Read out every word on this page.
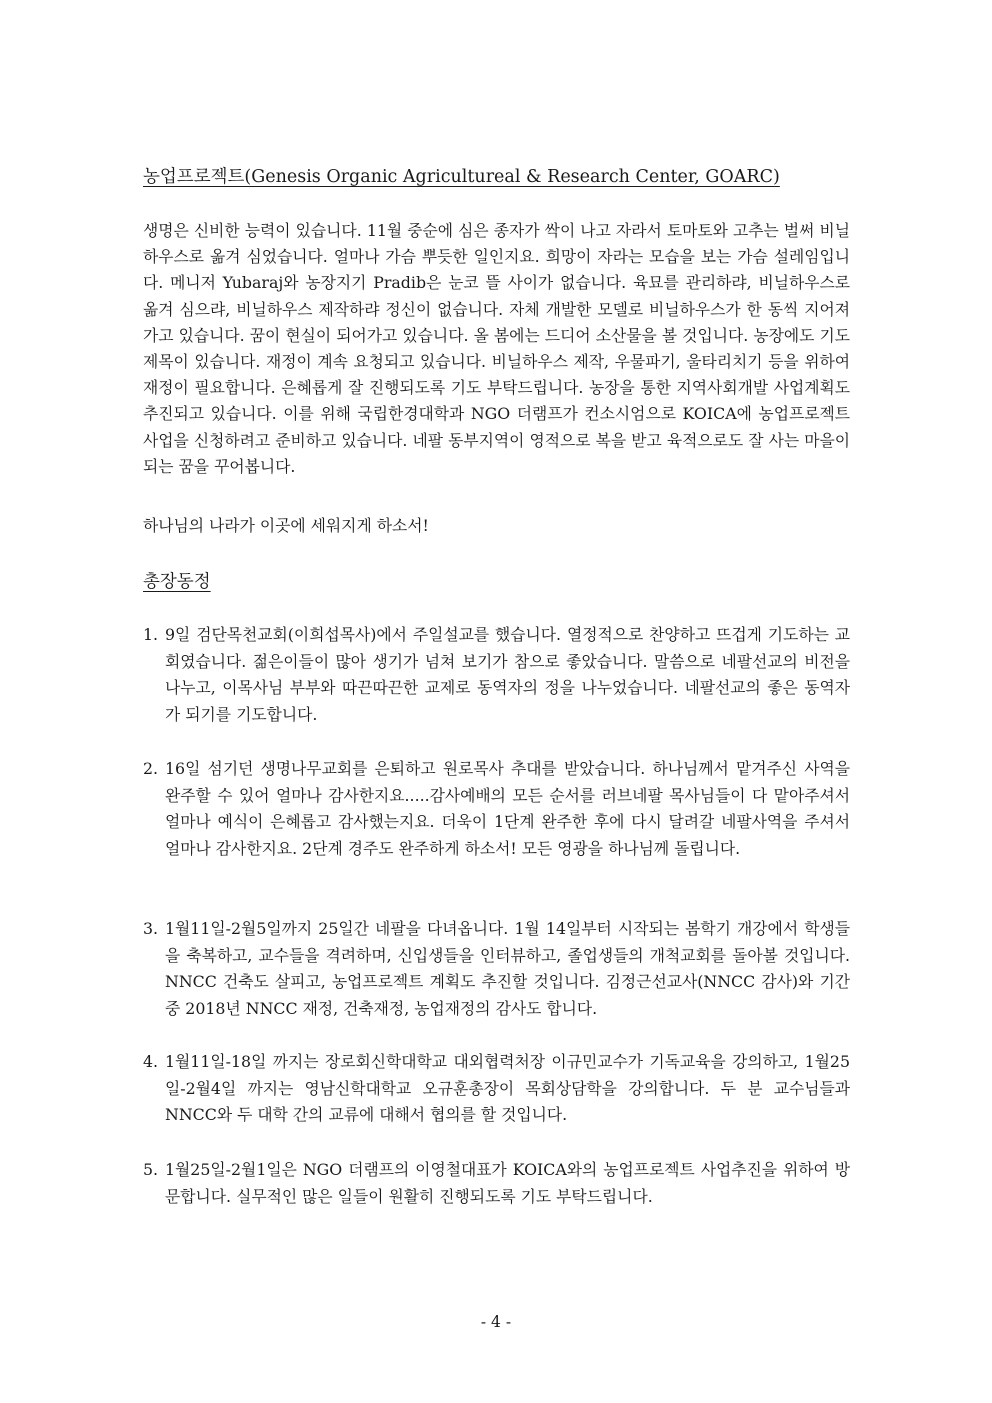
농업프로젝트(Genesis Organic Agricultureal & Research Center, GOARC)

생명은 신비한 능력이 있습니다. 11월 중순에 심은 종자가 싹이 나고 자라서 토마토와 고추는 벌써 비닐하우스로 옮겨 심었습니다. 얼마나 가슴 뿌듯한 일인지요. 희망이 자라는 모습을 보는 가슴 설레임입니다. 메니저 Yubaraj와 농장지기 Pradib은 눈코 뜰 사이가 없습니다. 육묘를 관리하랴, 비닐하우스로 옮겨 심으랴, 비닐하우스 제작하랴 정신이 없습니다. 자체 개발한 모델로 비닐하우스가 한 동씩 지어져가고 있습니다. 꿈이 현실이 되어가고 있습니다. 올 봄에는 드디어 소산물을 볼 것입니다. 농장에도 기도제목이 있습니다. 재정이 계속 요청되고 있습니다. 비닐하우스 제작, 우물파기, 울타리치기 등을 위하여 재정이 필요합니다. 은혜롭게 잘 진행되도록 기도 부탁드립니다. 농장을 통한 지역사회개발 사업계획도 추진되고 있습니다. 이를 위해 국립한경대학과 NGO 더램프가 컨소시엄으로 KOICA에 농업프로젝트 사업을 신청하려고 준비하고 있습니다. 네팔 동부지역이 영적으로 복을 받고 육적으로도 잘 사는 마을이 되는 꿈을 꾸어봅니다.

하나님의 나라가 이곳에 세워지게 하소서!

총장동정
1. 9일 검단목천교회(이희섭목사)에서 주일설교를 했습니다. 열정적으로 찬양하고 뜨겁게 기도하는 교회였습니다. 젊은이들이 많아 생기가 넘쳐 보기가 참으로 좋았습니다. 말씀으로 네팔선교의 비전을 나누고, 이목사님 부부와 따끈따끈한 교제로 동역자의 정을 나누었습니다. 네팔선교의 좋은 동역자가 되기를 기도합니다.
2. 16일 섬기던 생명나무교회를 은퇴하고 원로목사 추대를 받았습니다. 하나님께서 맡겨주신 사역을 완주할 수 있어 얼마나 감사한지요.....감사예배의 모든 순서를 러브네팔 목사님들이 다 맡아주셔서 얼마나 예식이 은혜롭고 감사했는지요. 더욱이 1단계 완주한 후에 다시 달려갈 네팔사역을 주셔서 얼마나 감사한지요. 2단계 경주도 완주하게 하소서! 모든 영광을 하나님께 돌립니다.
3. 1월11일-2월5일까지 25일간 네팔을 다녀옵니다. 1월 14일부터 시작되는 봄학기 개강에서 학생들을 축복하고, 교수들을 격려하며, 신입생들을 인터뷰하고, 졸업생들의 개척교회를 돌아볼 것입니다. NNCC 건축도 살피고, 농업프로젝트 계획도 추진할 것입니다. 김정근선교사(NNCC 감사)와 기간 중 2018년 NNCC 재정, 건축재정, 농업재정의 감사도 합니다.
4. 1월11일-18일 까지는 장로회신학대학교 대외협력처장 이규민교수가 기독교육을 강의하고, 1월25일-2월4일 까지는 영남신학대학교 오규훈총장이 목회상담학을 강의합니다. 두 분 교수님들과 NNCC와 두 대학 간의 교류에 대해서 협의를 할 것입니다.
5. 1월25일-2월1일은 NGO 더램프의 이영철대표가 KOICA와의 농업프로젝트 사업추진을 위하여 방문합니다. 실무적인 많은 일들이 원활히 진행되도록 기도 부탁드립니다.

- 4 -
